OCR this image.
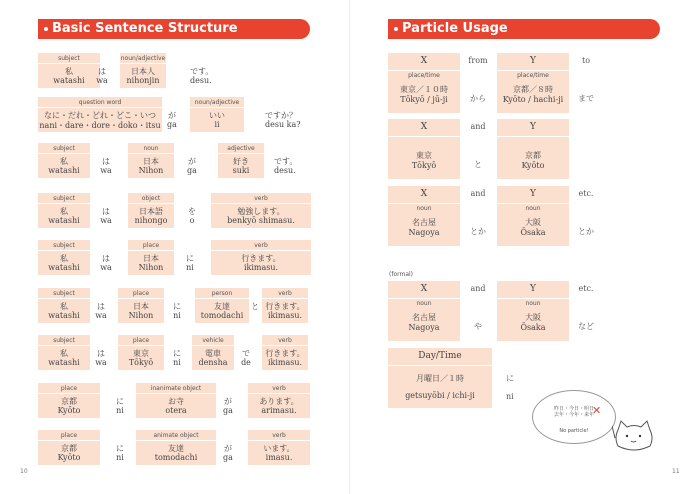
Basic Sentence Structure	Particle Usage
subject
私
watashi
noun/adjective
日本人
nihonjin
は
wa
です。
desu.
question word
なに・だれ・どれ・どこ・いつ
nani・dare・dore・doko・itsu
noun/adjective
いい
ii
が
ga
ですか？
desu ka?
subject
私
watashi
noun
日本
Nihon
adjective
好き
suki
は
wa
が
ga
です。
desu.
subject
私
watashi
object
日本語
nihongo
verb
勉強します。
benkyō shimasu.
は
wa
を
o
subject
私
watashi
place
日本
Nihon
verb
行きます。
ikimasu.
は
wa
に
ni
subject
私
watashi
place
日本
Nihon
person
友達
tomodachi
verb
行きます。
ikimasu.
は
wa
に
ni
と
subject
私
watashi
place
東京
Tōkyō
vehicle
電車
densha
verb
行きます。
ikimasu.
は
wa
に
ni
で
de
place
京都
Kyōto
inanimate object
お寺
otera
verb
あります。
arimasu.
に
ni
が
ga
place
京都
Kyōto
animate object
友達
tomodachi
verb
います。
imasu.
に
ni
が
ga
X
place/time
東京／１０時
Tōkyō / jū-ji
Y
place/time
京都／８時
Kyōto / hachi-ji
from
から
to
まで
X
東京
Tōkyō
Y
京都
Kyōto
and
と
X
noun
名古屋
Nagoya
Y
noun
大阪
Ōsaka
and
とか
etc.
とか
X
noun
名古屋
Nagoya
Y
noun
大阪
Ōsaka
and
や
etc.
など
Day/Time
月曜日／１時
getsuyōbi / ichi-ji
に
ni
10	11
(formal)
昨日・今日・明日
去年・今年・来年
No particle!
✕
